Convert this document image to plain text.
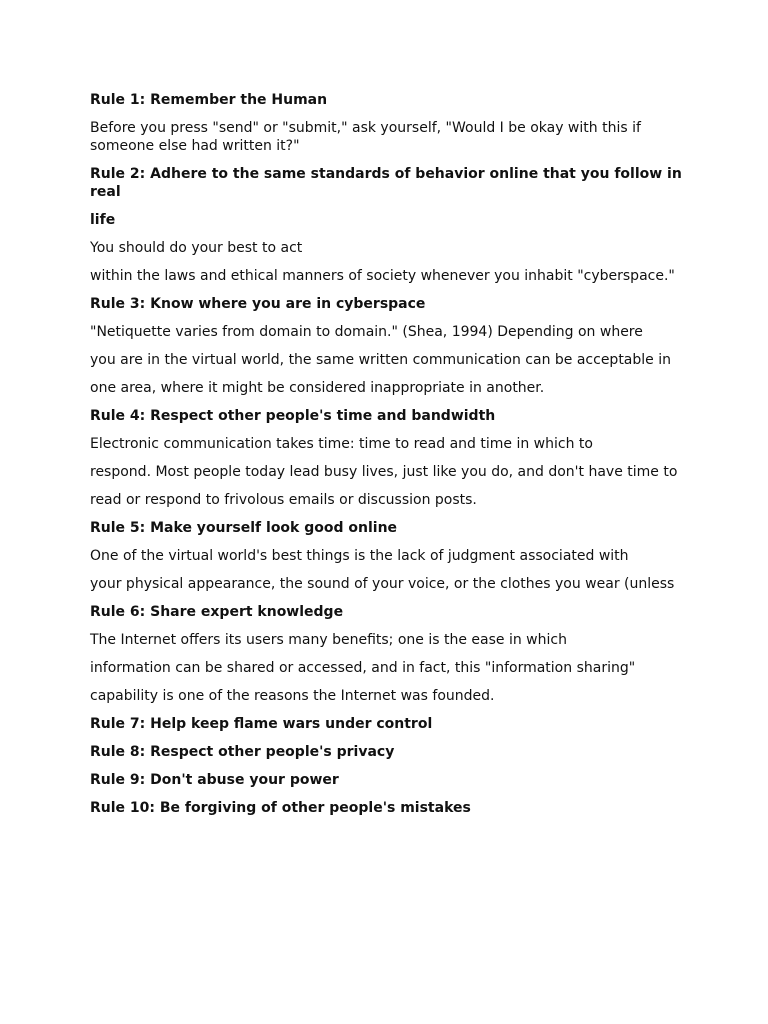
Rule 1: Remember the Human

Before you press "send" or "submit," ask yourself, "Would I be okay with this if someone else had written it?"

Rule 2: Adhere to the same standards of behavior online that you follow in real

life

You should do your best to act

within the laws and ethical manners of society whenever you inhabit "cyberspace."

Rule 3: Know where you are in cyberspace

"Netiquette varies from domain to domain." (Shea, 1994) Depending on where

you are in the virtual world, the same written communication can be acceptable in

one area, where it might be considered inappropriate in another.

Rule 4: Respect other people's time and bandwidth

Electronic communication takes time: time to read and time in which to

respond. Most people today lead busy lives, just like you do, and don't have time to

read or respond to frivolous emails or discussion posts.

Rule 5: Make yourself look good online

One of the virtual world's best things is the lack of judgment associated with

your physical appearance, the sound of your voice, or the clothes you wear (unless

Rule 6: Share expert knowledge

The Internet offers its users many benefits; one is the ease in which

information can be shared or accessed, and in fact, this "information sharing"

capability is one of the reasons the Internet was founded.

Rule 7: Help keep flame wars under control

Rule 8: Respect other people's privacy

Rule 9: Don't abuse your power

Rule 10: Be forgiving of other people's mistakes
